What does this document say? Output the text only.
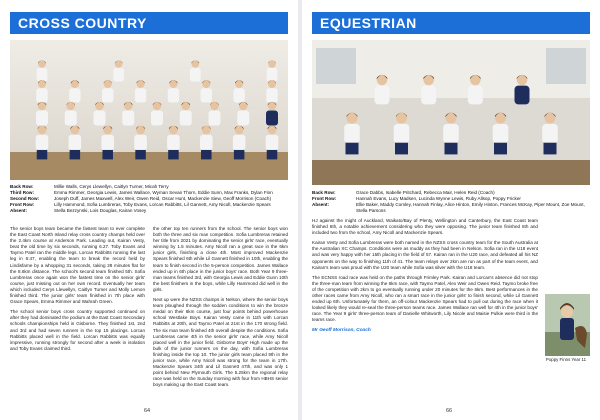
CROSS COUNTRY
Back Row:	Millie Walls, Cerys Llewellyn, Caitlyn Turner, Micah Terry
Third Row:	Emma Rimmer, Georgia Lewis, James Wallace, Wyman Sevan Thorn, Eddie Sunn, Max Franks, Dylan Finn
Second Row:	Joseph Duff, James Maxwell, Alex Weir, Owen Reid, Oscar Hunt, Mackenzie Siew, Geoff Morrison (Coach)
Front Row:	Lilly Hammond, Sofia Lumbreras, Toby Evans, Lorcan Rabbitts, Lil Gannett, Amy Nicoll, Mackenzie Spears
Absent:	Stella Bezzynski, Lois Douglas, Kairan Vosey

The senior boys team became the fastest team to ever complete the East Coast North Island relay cross country champs held over the 2.4km course at Anderson Park. Leading out, Kairan Vesty, beat the old time by six seconds, running 6.27. Toby Evans and Taymo Patel ran the middle legs. Lorcan Rabbitts running the last leg in 6:47, enabling the team to break the record held by Lindisfarne by a whopping 31 seconds, taking 28 minutes flat for the 8.6km distance. The school's second team finished 5th. Sofia Lumbreras once again won the fastest time on the senior girls' course, just missing out on her own record. Eventually her team which included Cerys Llewellyn, Caitlyn Turner and Molly Lemon finished third. The junior girls' team finished in 7th place with Grace Spears, Emma Rimmer and Wahrah Green.

The school senior boys cross country supported continued on after they had dominated the podium at the East Coast Secondary schools championships held in Gisborne. They finished 1st, 2nd and 3rd and had seven runners in the top 15 placings. Lorcan Rabbitts placed well in the field. Lorcan Rabbitts was equally impressive, running strongly for second after a week in isolation and Toby Evans claimed third.

the other top ten runners from the school. The senior boys won both the three and six man competition. Sofia Lumbreras retained her title from 2021 by dominating the senior girls' race, eventually winning by 1.5 minutes. Amy Nicoll ran a great race in the 6km junior girls, finishing a close 4th. Most improved Mackenzie Spears finished 6th while Lil Gannett finished in 10th, enabling the team to finish second in the 5-person competition. James Wallace ended up in 6th place in the junior boys' race. Both Year 9 three-man teams finished 3rd, with Georgia Lewis and Eddie Gunn 10th the best finishers in the boys, while Lilly Hammond did well in the girls.

Next up were the NZSS champs in Nelson, where the senior boys team ploughed through the sodden conditions to win the bronze medal on their 6km course, just four points behind powerhouse school Westlake Boys. Kairan Vesty came in 11th with Lorcan Rabbitts at 20th, and Taymo Patel at 21st in the 170 strong field. The six man team finished 4th overall despite the conditions. Sofia Lumbreras came 4th in the senior girls' race, while Amy Nicoll placed well in the junior field. Gisborne Boys' High made up the bulk of the junior runners on the day, with Sofia Lumbreras finishing inside the top 10. The junior girls team placed 9th in the junior race, while Amy Nicoll was strong for the team in 17th. Mackenzie Spears 34th and Lil Gannett 47th, and was only 1 point behind New Plymouth Girls. The 5.25km the regional relay race was held on the Sunday morning with four from HBHS senior boys making up the East Coast team.

64
EQUESTRIAN
Back Row:	Grace Dabbs, Isabelle Pritchard, Rebecca Mair, Helen Reid (Coach)
Front Row:	Hannah Evans, Lucy Madsen, Lucinda Wynne Lewis, Ruby Allsop, Poppy Fricker
Absent:	Ellie Baker, Maddy Comley, Hannah Finlay, Alice Hinton, Emily Hinton, Frances McKay, Piper Mount, Zoe Mount, Stella Parsons

HJ against the might of Auckland, Waikato/Bay of Plenty, Wellington and Canterbury, the East Coast team finished 6th, a notable achievement considering who they were opposing. The junior team finished 5th and included two from the school, Amy Nicoll and Mackenzie Spears.

Kairan Vesty and Sofia Lumbreras were both named in the NZSS cross country team for the South Australia at the Australian XC Champs. Conditions were as muddy as they had been in Nelson. Sofia ran in the U18 event and was very happy with her 15th placing in the field of 57. Kairan ran in the U20 race, and defeated all his NZ opponents on the way to finishing 11th of 41. The team relays over 2km are run as part of the team event, and Kairan's team was proud with the U20 team while Sofia was silver with the U18 team.

The ECNSS road race was held on the paths through Frimley Park. Kairan and Lorcan's absence did not stop the three-man team from winning the 6km race, with Taymo Patel, Alex Weir and Owen Reid. Taymo broke free of the competition with 2km to go eventually running under 20 minutes for the 6km. Best performances in the other races came from Amy Nicoll, who ran a smart race in the junior girls' to finish second, while Lil Gannett ended up 6th. Unfortunately for them, an off-colour Mackenzie Spears had to pull out during the race when it looked likely they would re-seal the three-person teams race. James Wallace ran well for 4th in the junior boys' race. The Year 9 girls' three-person team of Danielle Whitworth, Lily Nicole and Maisie Pulkie were third in the teams race.

Mr Geoff Morrison, Coach

Poppy Finns Year 11
66
